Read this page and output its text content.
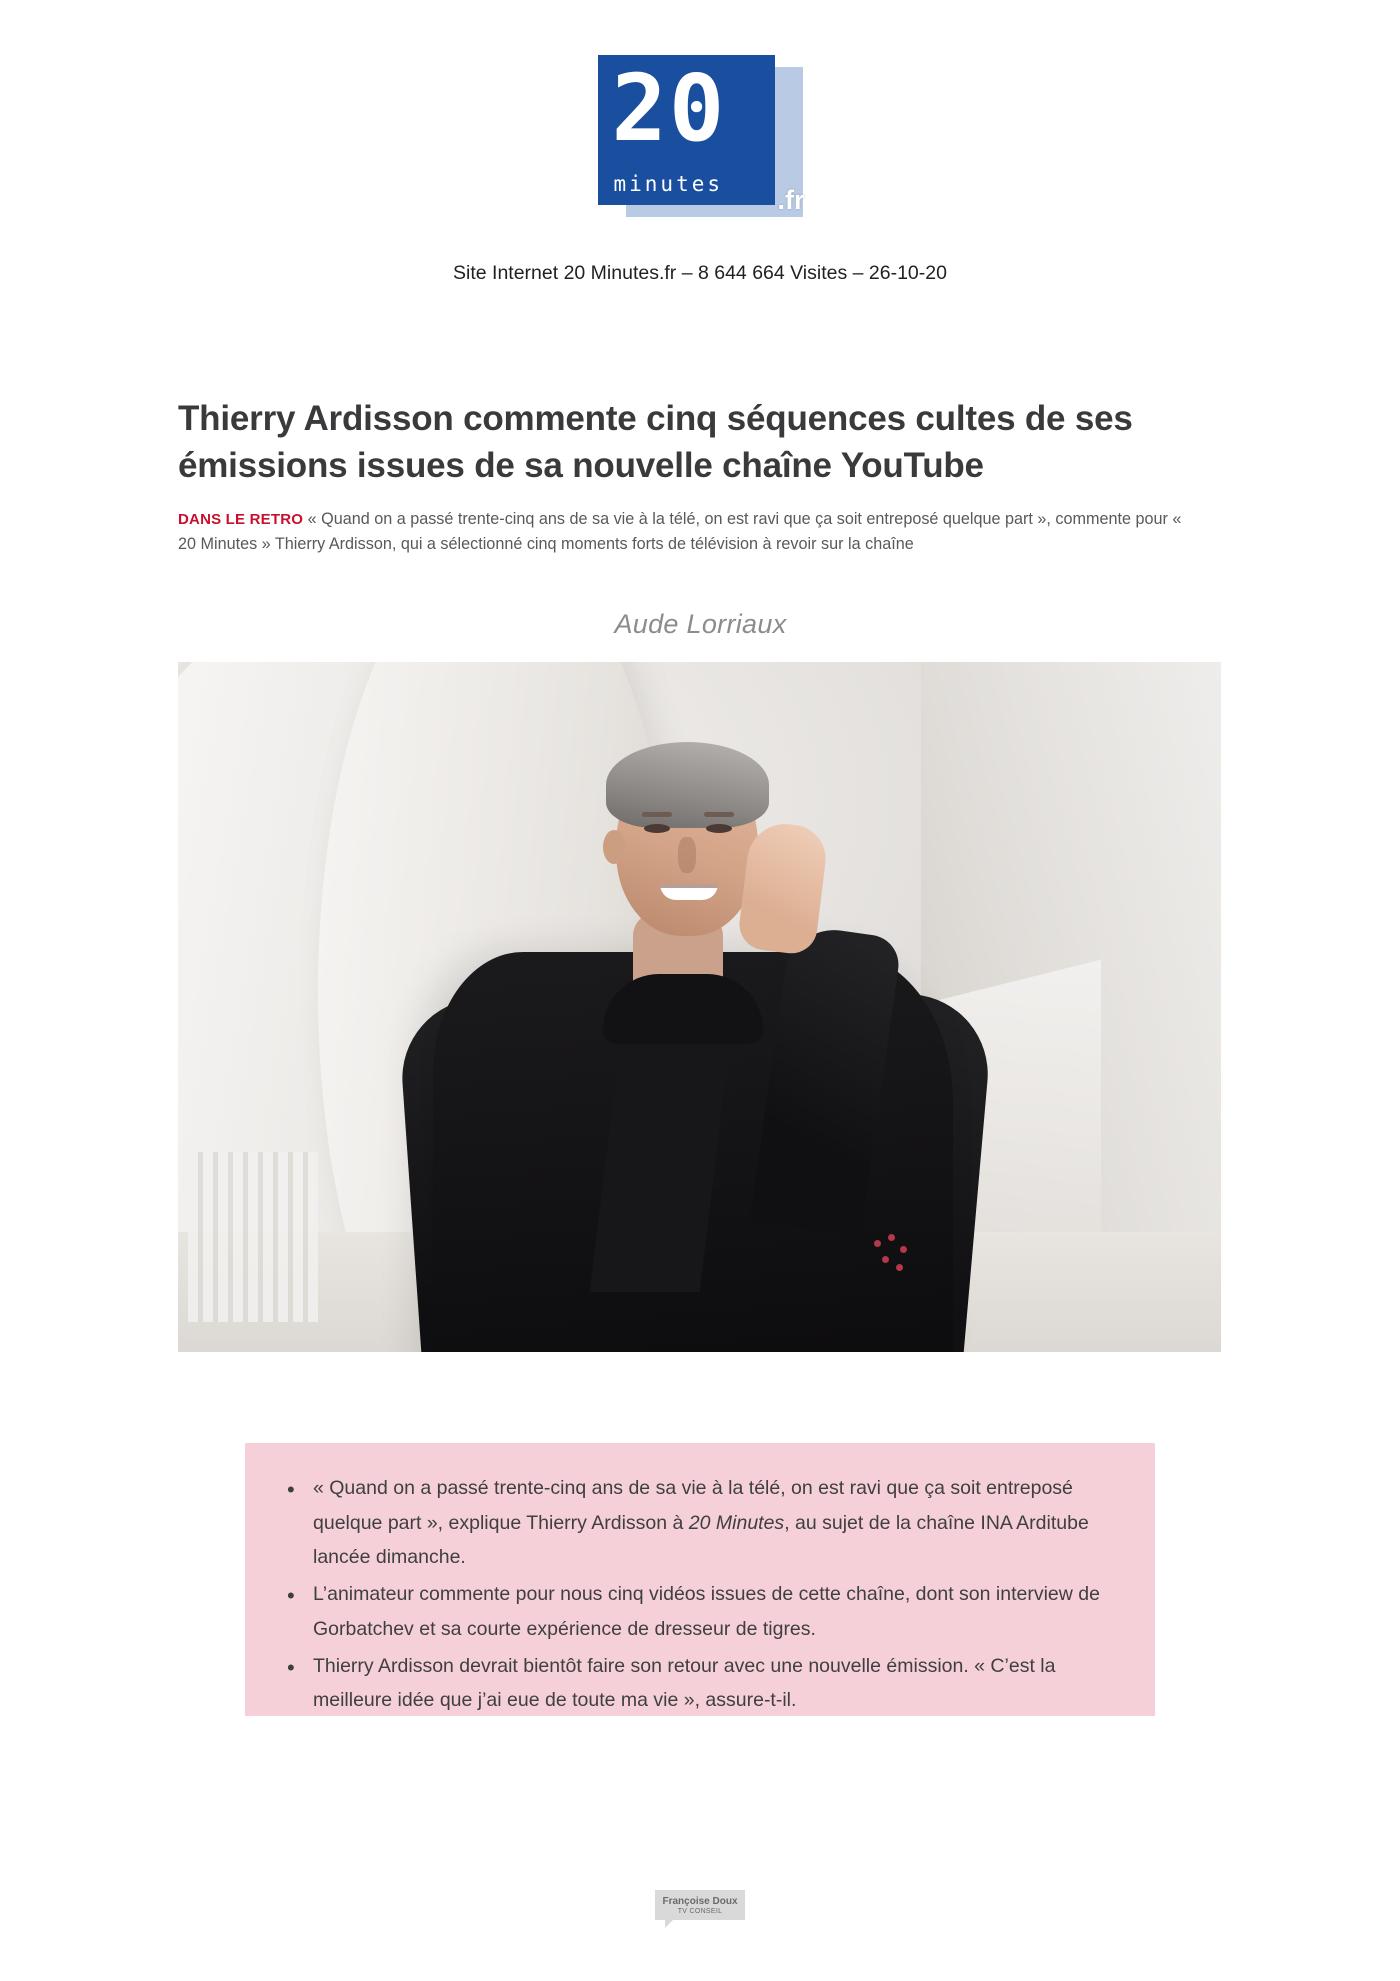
20
minutes
.fr
Site Internet 20 Minutes.fr – 8 644 664 Visites – 26-10-20
Thierry Ardisson commente cinq séquences cultes de ses émissions issues de sa nouvelle chaîne YouTube

DANS LE RETRO « Quand on a passé trente-cinq ans de sa vie à la télé, on est ravi que ça soit entreposé quelque part », commente pour « 20 Minutes » Thierry Ardisson, qui a sélectionné cinq moments forts de télévision à revoir sur la chaîne

Aude Lorriaux
• « Quand on a passé trente-cinq ans de sa vie à la télé, on est ravi que ça soit entreposé quelque part », explique Thierry Ardisson à 20 Minutes, au sujet de la chaîne INA Arditube lancée dimanche.
• L’animateur commente pour nous cinq vidéos issues de cette chaîne, dont son interview de Gorbatchev et sa courte expérience de dresseur de tigres.
• Thierry Ardisson devrait bientôt faire son retour avec une nouvelle émission. « C’est la meilleure idée que j’ai eue de toute ma vie », assure-t-il.
Françoise Doux
TV CONSEIL
